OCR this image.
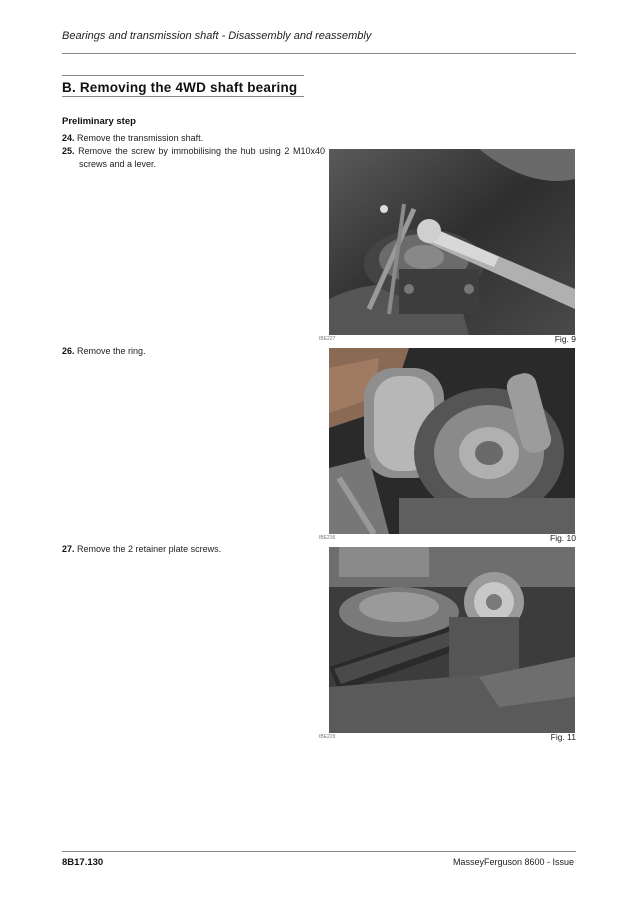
Bearings and transmission shaft - Disassembly and reassembly
B. Removing the 4WD shaft bearing
Preliminary step
24. Remove the transmission shaft.
25. Remove the screw by immobilising the hub using 2 M10x40 screws and a lever.
26. Remove the ring.
27. Remove the 2 retainer plate screws.
IBE227	Fig. 9
IBE236	Fig. 10
IBE229	Fig. 11
8B17.130	MasseyFerguson 8600 - Issue
